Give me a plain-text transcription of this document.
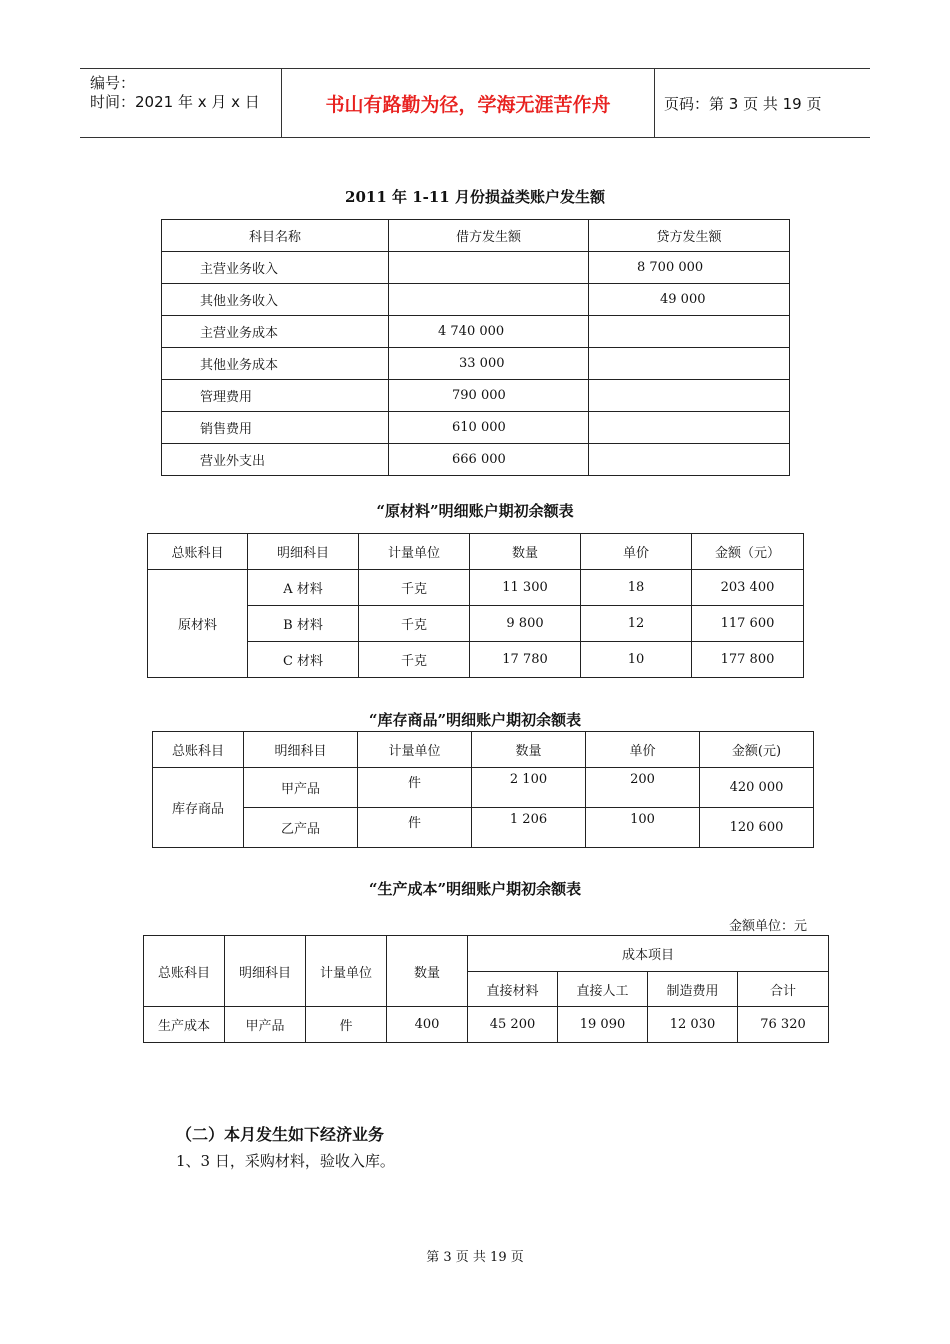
编号：
时间：2021 年 x 月 x 日	书山有路勤为径，学海无涯苦作舟	页码：第 3 页 共 19 页
2011 年 1-11 月份损益类账户发生额
科目名称	借方发生额	贷方发生额
主营业务收入		8 700 000
其他业务收入		49 000
主营业务成本	4 740 000	
其他业务成本	33 000	
管理费用	790 000	
销售费用	610 000	
营业外支出	666 000	
“原材料”明细账户期初余额表
总账科目	明细科目	计量单位	数量	单价	金额（元）
原材料	A 材料	千克	11 300	18	203 400
	B 材料	千克	9 800	12	117 600
	C 材料	千克	17 780	10	177 800
“库存商品”明细账户期初余额表
总账科目	明细科目	计量单位	数量	单价	金额(元)
库存商品	甲产品	件	2 100	200	420 000
	乙产品	件	1 206	100	120 600
“生产成本”明细账户期初余额表
金额单位：元
总账科目	明细科目	计量单位	数量	成本项目			
				直接材料	直接人工	制造费用	合计
生产成本	甲产品	件	400	45 200	19 090	12 030	76 320
（二）本月发生如下经济业务
1、3 日，采购材料，验收入库。
第 3 页 共 19 页
